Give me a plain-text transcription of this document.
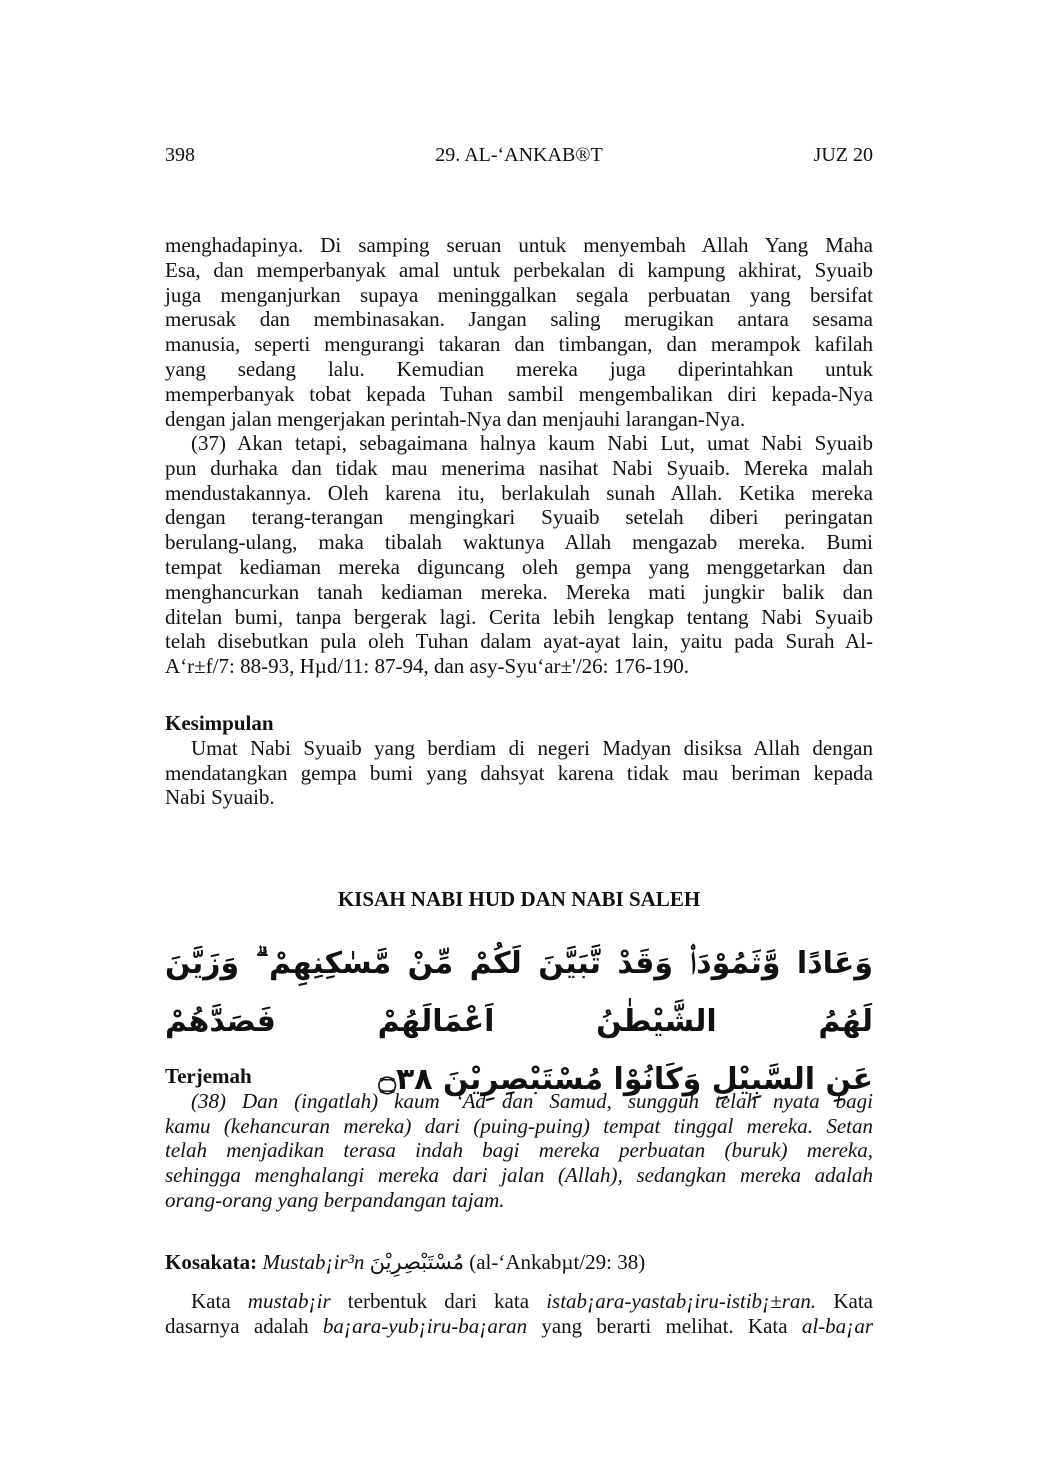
398	29. AL-‘ANKAB®T	JUZ 20
menghadapinya. Di samping seruan untuk menyembah Allah Yang Maha
Esa, dan memperbanyak amal untuk perbekalan di kampung akhirat, Syuaib
juga menganjurkan supaya meninggalkan segala perbuatan yang bersifat
merusak dan membinasakan. Jangan saling merugikan antara sesama
manusia, seperti mengurangi takaran dan timbangan, dan merampok kafilah
yang sedang lalu. Kemudian mereka juga diperintahkan untuk
memperbanyak tobat kepada Tuhan sambil mengembalikan diri kepada-Nya
dengan jalan mengerjakan perintah-Nya dan menjauhi larangan-Nya.
(37) Akan tetapi, sebagaimana halnya kaum Nabi Lut, umat Nabi Syuaib
pun durhaka dan tidak mau menerima nasihat Nabi Syuaib. Mereka malah
mendustakannya. Oleh karena itu, berlakulah sunah Allah. Ketika mereka
dengan terang-terangan mengingkari Syuaib setelah diberi peringatan
berulang-ulang, maka tibalah waktunya Allah mengazab mereka. Bumi
tempat kediaman mereka diguncang oleh gempa yang menggetarkan dan
menghancurkan tanah kediaman mereka. Mereka mati jungkir balik dan
ditelan bumi, tanpa bergerak lagi. Cerita lebih lengkap tentang Nabi Syuaib
telah disebutkan pula oleh Tuhan dalam ayat-ayat lain, yaitu pada Surah Al-
A‘r±f/7: 88-93, Hµd/11: 87-94, dan asy-Syu‘ar±'/26: 176-190.
Kesimpulan
Umat Nabi Syuaib yang berdiam di negeri Madyan disiksa Allah dengan
mendatangkan gempa bumi yang dahsyat karena tidak mau beriman kepada
Nabi Syuaib.
KISAH NABI HUD DAN NABI SALEH
وَعَادًا وَّثَمُوْدَا۟ وَقَدْ تَّبَيَّنَ لَكُمْ مِّنْ مَّسٰكِنِهِمْ ۗ وَزَيَّنَ لَهُمُ الشَّيْطٰنُ اَعْمَالَهُمْ فَصَدَّهُمْ
عَنِ السَّبِيْلِ وَكَانُوْا مُسْتَبْصِرِيْنَ ۝٣٨
Terjemah
(38) Dan (ingatlah) kaum ‘Ad dan Samud, sungguh telah nyata bagi
kamu (kehancuran mereka) dari (puing-puing) tempat tinggal mereka. Setan
telah menjadikan terasa indah bagi mereka perbuatan (buruk) mereka,
sehingga menghalangi mereka dari jalan (Allah), sedangkan mereka adalah
orang-orang yang berpandangan tajam.
Kosakata: Mustab¡ir³n مُسْتَبْصِرِيْنَ (al-‘Ankabµt/29: 38)
Kata mustab¡ir terbentuk dari kata istab¡ara-yastab¡iru-istib¡±ran. Kata
dasarnya adalah ba¡ara-yub¡iru-ba¡aran yang berarti melihat. Kata al-ba¡ar
